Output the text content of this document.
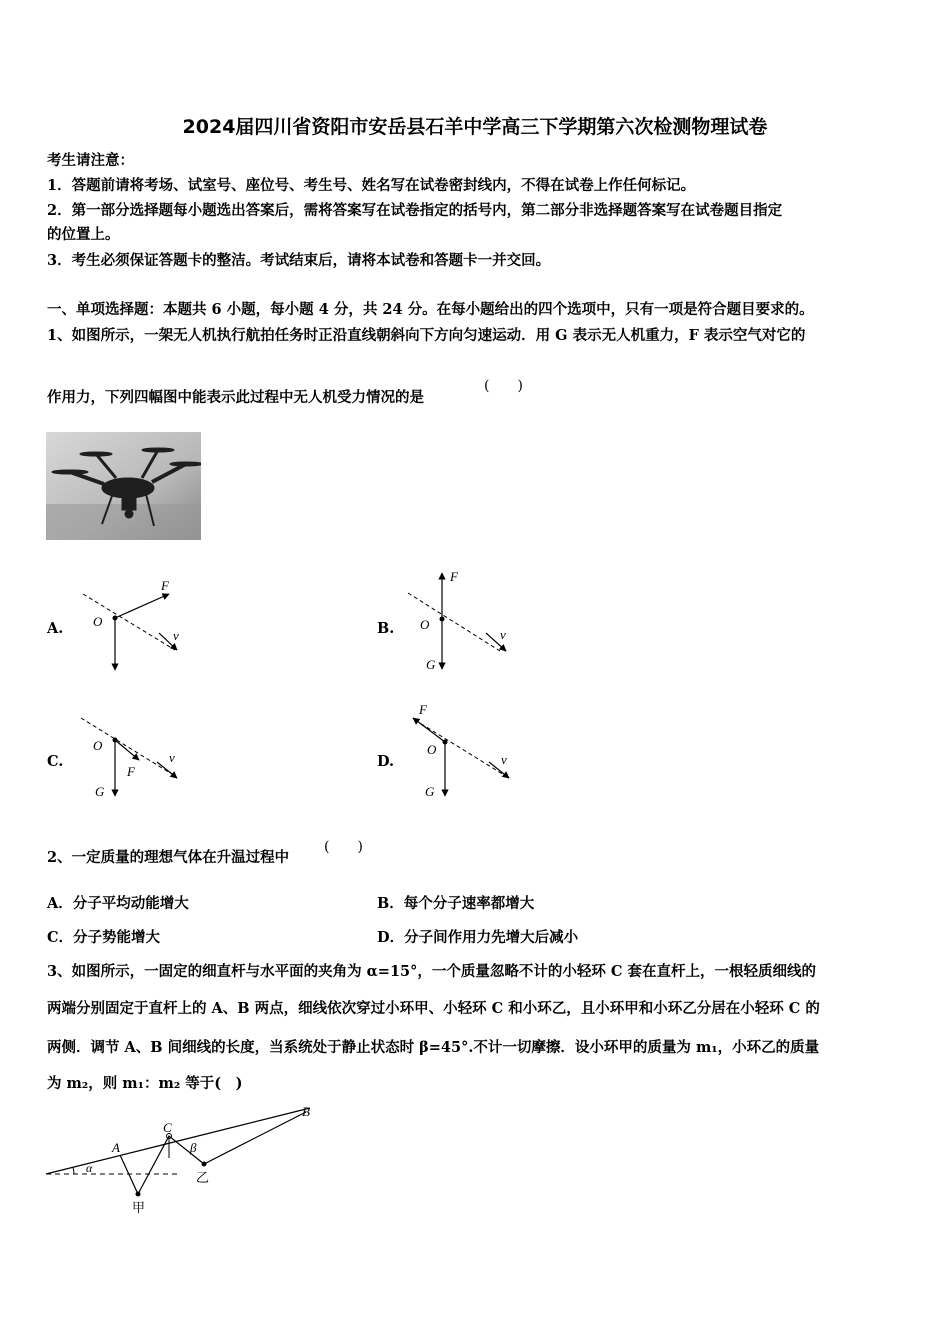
2024届四川省资阳市安岳县石羊中学高三下学期第六次检测物理试卷
考生请注意：
1．答题前请将考场、试室号、座位号、考生号、姓名写在试卷密封线内，不得在试卷上作任何标记。
2．第一部分选择题每小题选出答案后，需将答案写在试卷指定的括号内，第二部分非选择题答案写在试卷题目指定
的位置上。
3．考生必须保证答题卡的整洁。考试结束后，请将本试卷和答题卡一并交回。
一、单项选择题：本题共 6 小题，每小题 4 分，共 24 分。在每小题给出的四个选项中，只有一项是符合题目要求的。
1、如图所示，一架无人机执行航拍任务时正沿直线朝斜向下方向匀速运动．用 G 表示无人机重力，F 表示空气对它的
作用力，下列四幅图中能表示此过程中无人机受力情况的是
(　　)
A.
F
O
v	B.
F
O
v
G
C.
O
F
v
G
D.
F
O
v
G
2、一定质量的理想气体在升温过程中
(　　)
A．分子平均动能增大	B．每个分子速率都增大
C．分子势能增大	D．分子间作用力先增大后减小
3、如图所示，一固定的细直杆与水平面的夹角为 α=15°，一个质量忽略不计的小轻环 C 套在直杆上，一根轻质细线的
两端分别固定于直杆上的 A、B 两点，细线依次穿过小环甲、小轻环 C 和小环乙，且小环甲和小环乙分居在小轻环 C 的
两侧．调节 A、B 间细线的长度，当系统处于静止状态时 β=45°.不计一切摩擦．设小环甲的质量为 m₁，小环乙的质量
为 m₂，则 m₁：m₂ 等于(　)
α
A
C
β
B
甲
乙
